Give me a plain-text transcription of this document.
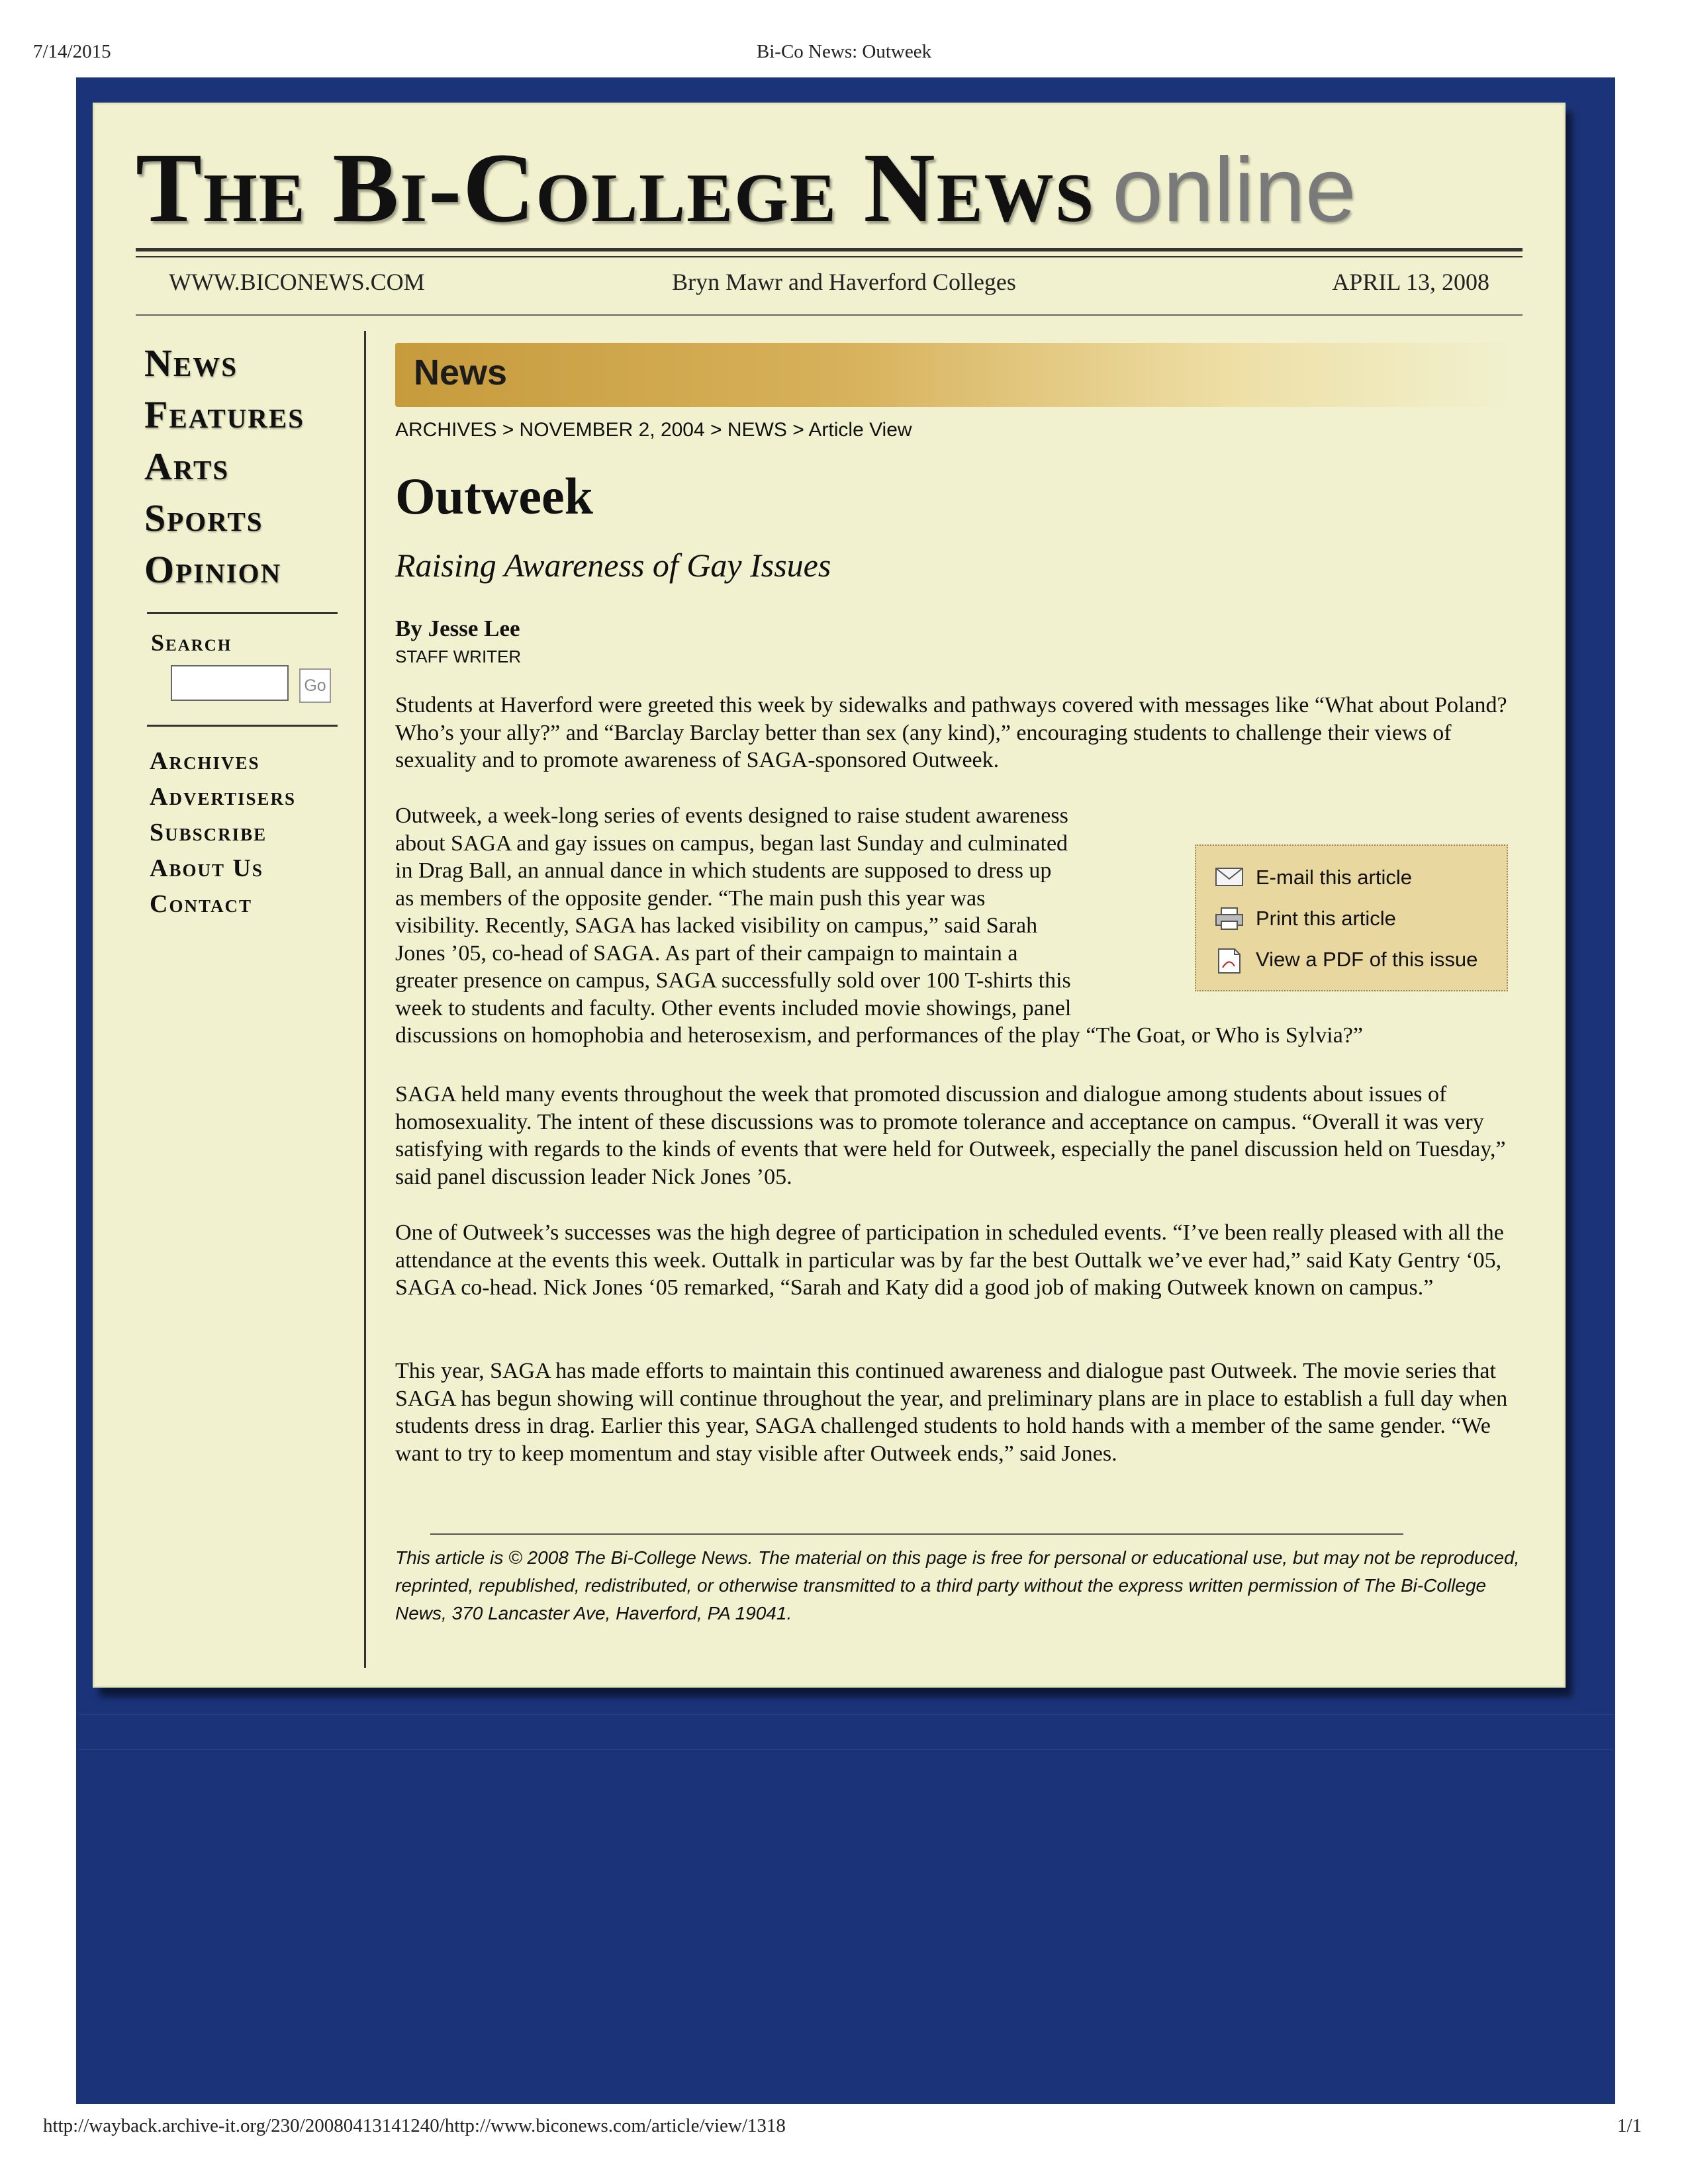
7/14/2015	Bi-Co News: Outweek
The Bi-College News online
WWW.BICONEWS.COM	Bryn Mawr and Haverford Colleges	APRIL 13, 2008
News
Features
Arts
Sports
Opinion
Search
Go
Archives
Advertisers
Subscribe
About Us
Contact
News
ARCHIVES > NOVEMBER 2, 2004 > NEWS > Article View
Outweek
Raising Awareness of Gay Issues
By Jesse Lee
STAFF WRITER
Students at Haverford were greeted this week by sidewalks and pathways covered with messages like “What about Poland? Who’s your ally?” and “Barclay Barclay better than sex (any kind),” encouraging students to challenge their views of sexuality and to promote awareness of SAGA-sponsored Outweek.
Outweek, a week-long series of events designed to raise student awareness
about SAGA and gay issues on campus, began last Sunday and culminated
in Drag Ball, an annual dance in which students are supposed to dress up
as members of the opposite gender. “The main push this year was
visibility. Recently, SAGA has lacked visibility on campus,” said Sarah
Jones ’05, co-head of SAGA. As part of their campaign to maintain a
greater presence on campus, SAGA successfully sold over 100 T-shirts this
week to students and faculty. Other events included movie showings, panel
discussions on homophobia and heterosexism, and performances of the play “The Goat, or Who is Sylvia?”
E-mail this article
Print this article
View a PDF of this issue
SAGA held many events throughout the week that promoted discussion and dialogue among students about issues of homosexuality. The intent of these discussions was to promote tolerance and acceptance on campus. “Overall it was very satisfying with regards to the kinds of events that were held for Outweek, especially the panel discussion held on Tuesday,” said panel discussion leader Nick Jones ’05.
One of Outweek’s successes was the high degree of participation in scheduled events. “I’ve been really pleased with all the attendance at the events this week. Outtalk in particular was by far the best Outtalk we’ve ever had,” said Katy Gentry ‘05, SAGA co-head. Nick Jones ‘05 remarked, “Sarah and Katy did a good job of making Outweek known on campus.”
This year, SAGA has made efforts to maintain this continued awareness and dialogue past Outweek. The movie series that SAGA has begun showing will continue throughout the year, and preliminary plans are in place to establish a full day when students dress in drag. Earlier this year, SAGA challenged students to hold hands with a member of the same gender. “We want to try to keep momentum and stay visible after Outweek ends,” said Jones.
This article is © 2008 The Bi-College News. The material on this page is free for personal or educational use, but may not be reproduced, reprinted, republished, redistributed, or otherwise transmitted to a third party without the express written permission of The Bi-College News, 370 Lancaster Ave, Haverford, PA 19041.
http://wayback.archive-it.org/230/20080413141240/http://www.biconews.com/article/view/1318	1/1
